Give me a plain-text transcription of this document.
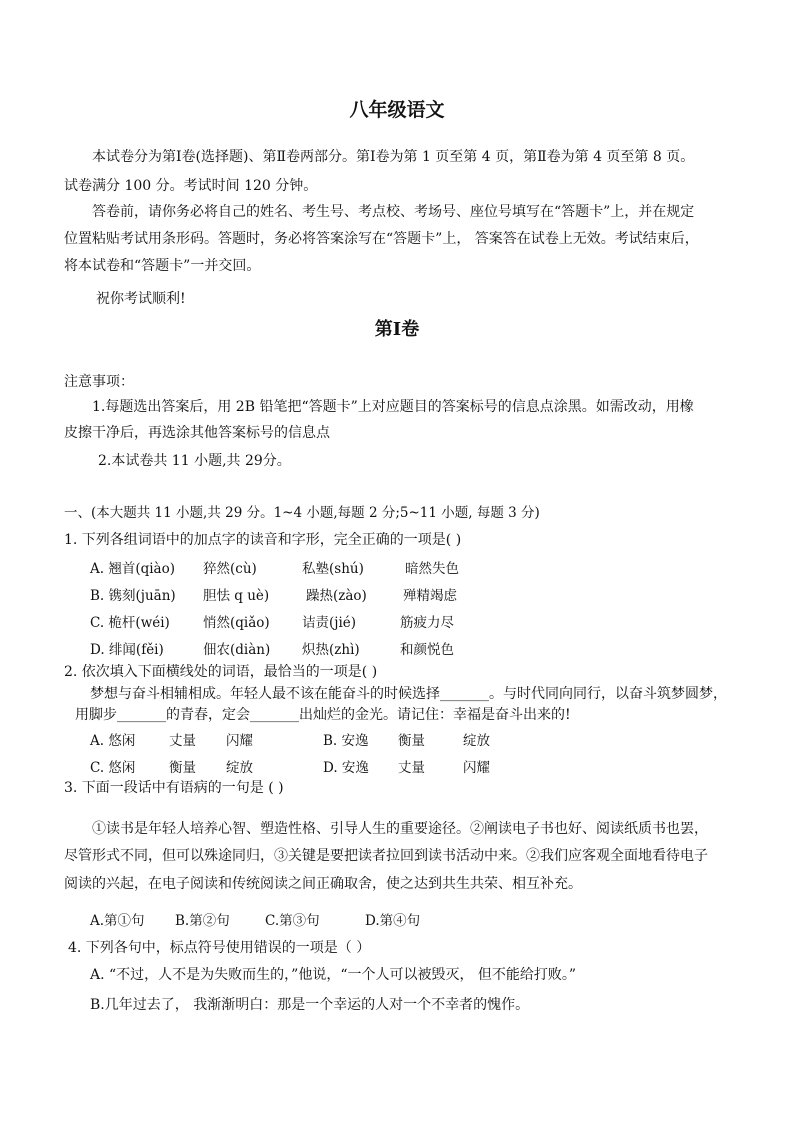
八年级语文
本试卷分为第Ⅰ卷(选择题)、第Ⅱ卷两部分。第Ⅰ卷为第 1 页至第 4 页，第Ⅱ卷为第 4 页至第 8 页。
试卷满分 100 分。考试时间 120 分钟。
答卷前，请你务必将自己的姓名、考生号、考点校、考场号、座位号填写在“答题卡”上，并在规定
位置粘贴考试用条形码。答题时，务必将答案涂写在“答题卡”上， 答案答在试卷上无效。考试结束后，
将本试卷和“答题卡”一并交回。
祝你考试顺利!
第Ⅰ卷
注意事项：
1.每题选出答案后，用 2B 铅笔把“答题卡”上对应题目的答案标号的信息点涂黑。如需改动，用橡
皮擦干净后，再选涂其他答案标号的信息点
2.本试卷共 11 小题,共 29分。
一、(本大题共 11 小题,共 29 分。1~4 小题,每题 2 分;5~11 小题, 每题 3 分)
1. 下列各组词语中的加点字的读音和字形，完全正确的一项是( )
A. 翘首(qiào) 猝然(cù)	私塾(shú)	暗然失色
B. 镌刻(juān) 胆怯 q uè)	躁热(zào)	殚精竭虑
C. 桅杆(wéi) 悄然(qiǎo) 诘责(jié)	筋疲力尽
D. 绯闻(fěi)	佃农(diàn) 炽热(zhì)	和颜悦色
2. 依次填入下面横线处的词语，最恰当的一项是( )
梦想与奋斗相辅相成。年轻人最不该在能奋斗的时候选择_______。与时代同向同行，以奋斗筑梦圆梦，
用脚步_______的青春，定会_______出灿烂的金光。请记住：幸福是奋斗出来的!
A. 悠闲 丈量 闪耀	B. 安逸 衡量	绽放
C. 悠闲 衡量 绽放	D. 安逸 丈量	闪耀
3. 下面一段话中有语病的一句是 ( )
①读书是年轻人培养心智、塑造性格、引导人生的重要途径。②阐读电子书也好、阅读纸质书也罢，
尽管形式不同，但可以殊途同归，③关键是要把读者拉回到读书活动中来。②我们应客观全面地看待电子
阅读的兴起，在电子阅读和传统阅读之间正确取舍，使之达到共生共荣、相互补充。
A.第①句 B.第②句	C.第③句	D.第④句
4. 下列各句中，标点符号使用错误的一项是（ ）
A. “不过，人不是为失败而生的，”他说，“一个人可以被毁灭， 但不能给打败。”
B.几年过去了， 我渐渐明白：那是一个幸运的人对一个不幸者的愧作。
